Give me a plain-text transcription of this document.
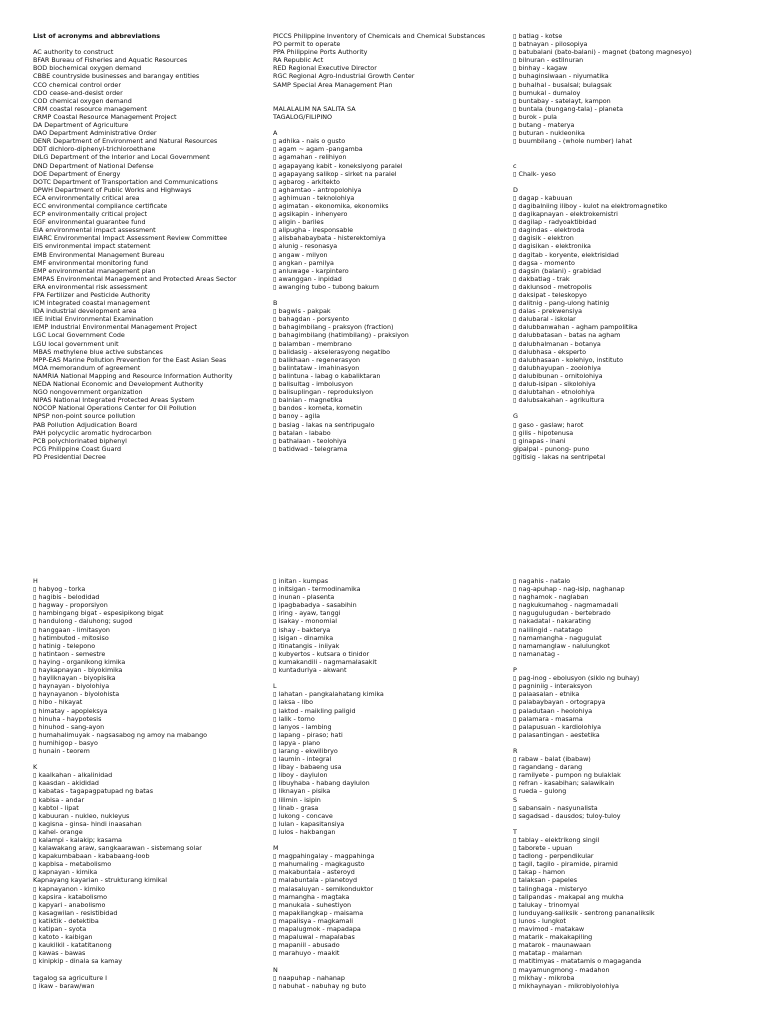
List of acronyms and abbreviations
AC authority to construct
BFAR Bureau of Fisheries and Aquatic Resources
BOD biochemical oxygen demand
CBBE countryside businesses and barangay entities
CCO chemical control order
CDO cease-and-desist order
COD chemical oxygen demand
CRM coastal resource management
CRMP Coastal Resource Management Project
DA Department of Agriculture
DAO Department Administrative Order
DENR Department of Environment and Natural Resources
DDT dichloro-diphenyl-trichloroethane
DILG Department of the Interior and Local Government
DND Department of National Defense
DOE Department of Energy
DOTC Department of Transportation and Communications
DPWH Department of Public Works and Highways
ECA environmentally critical area
ECC environmental compliance certificate
ECP environmentally critical project
EGF environmental guarantee fund
EIA environmental impact assessment
EIARC Environmental Impact Assessment Review Committee
EIS environmental impact statement
EMB Environmental Management Bureau
EMF environmental monitoring fund
EMP environmental management plan
EMPAS Environmental Management and Protected Areas Sector
ERA environmental risk assessment
FPA Fertilizer and Pesticide Authority
ICM integrated coastal management
IDA industrial development area
IEE Initial Environmental Examination
IEMP Industrial Environmental Management Project
LGC Local Government Code
LGU local government unit
MBAS methylene blue active substances
MPP-EAS Marine Pollution Prevention for the East Asian Seas
MOA memorandum of agreement
NAMRIA National Mapping and Resource Information Authority
NEDA National Economic and Development Authority
NGO nongovernment organization
NIPAS National Integrated Protected Areas System
NOCOP National Operations Center for Oil Pollution
NPSP non-point source pollution
PAB Pollution Adjudication Board
PAH polycyclic aromatic hydrocarbon
PCB polychlorinated biphenyl
PCG Philippine Coast Guard
PD Presidential Decree
PICCS Philippine Inventory of Chemicals and Chemical Substances
PO permit to operate
PPA Philippine Ports Authority
RA Republic Act
RED Regional Executive Director
RGC Regional Agro-Industrial Growth Center
SAMP Special Area Management Plan
MALALALIM NA SALITA SA
TAGALOG/FILIPINO
A
▯ adhika - nais o gusto
▯ agam ~ agam -pangamba
▯ agamahan - relihiyon
▯ agapayang kabit - koneksiyong paralel
▯ agapayang salikop - sirket na paralel
▯ agbarog - arkitekto
▯ aghamtao - antropolohiya
▯ aghimuan - teknolohiya
▯ agimatan - ekonomika, ekonomiks
▯ agsikapin - inhenyero
▯ aligin - bariles
▯ alipugha - iresponsable
▯ alisbahabaybata - histerektomiya
▯ alunig - resonasya
▯ angaw - milyon
▯ angkan - pamilya
▯ anluwage - karpintero
▯ awanggan - inpidad
▯ awanging tubo - tubong bakum
B
▯ bagwis - pakpak
▯ bahagdan - porsyento
▯ bahagimbilang - praksyon (fraction)
▯ bahagimbilang (hatimbilang) - praksiyon
▯ balamban - membrano
▯ balidasig - akselerasyong negatibo
▯ balikhaan - regenerasyon
▯ balintataw - imahinasyon
▯ balintuna - labag o kabaliktaran
▯ balisultag - imbolusyon
▯ balisuplingan - reproduksiyon
▯ balnian - magnetika
▯ bandos - kometa, kometin
▯ banoy - agila
▯ basiag - lakas na sentripugalo
▯ batalan - lababo
▯ bathalaan - teolohiya
▯ batidwad - telegrama
▯ batlag - kotse
▯ batnayan - pilosopiya
▯ batubalani (bato-balani) - magnet (batong magnesyo)
▯ bilnuran - estilnuran
▯ binhay - kagaw
▯ buhaginsiwaan - niyumatika
▯ buhalhal - busalsal; bulagsak
▯ bumukal - dumaloy
▯ buntabay - satelayt, kampon
▯ buntala (bungang-tala) - planeta
▯ burok - pula
▯ butang - materya
▯ buturan - nukleonika
▯ buumbilang - (whole number) lahat
c
▯ Chalk- yeso
D
▯ dagap - kabuuan
▯ dagibalniing iliboy - kulot na elektromagnetiko
▯ dagikapnayan - elektrokemistri
▯ dagilap - radyoaktibidad
▯ dagindas - elektroda
▯ dagisik - elektron
▯ dagisikan - elektronika
▯ dagitab - koryente, elektrisidad
▯ dagsa - momento
▯ dagsin (balani) - grabidad
▯ dakbatlag - trak
▯ daklunsod - metropolis
▯ daksipat - teleskopyo
▯ dalitnig - pang-ulong hatinig
▯ dalas - prekwensiya
▯ dalubaral - iskolar
▯ dalubbanwahan - agham pampolitika
▯ dalubbatasan - batas na agham
▯ dalubhalmanan - botanya
▯ dalubhasa - eksperto
▯ dalubhasaan - kolehiyo, instituto
▯ dalubhayupan - zoolohiya
▯ dalubibunan - ornitolohiya
▯ dalub-isipan - sikolohiya
▯ dalubtahan - etnolohiya
▯ dalubsakahan - agrikultura
G
▯ gaso - gaslaw; harot
▯ gilis - hipotenusa
▯ ginapas - inani
gipalpal - punong- puno
▯gitisig - lakas na sentripetal
H
▯ habyog - torka
▯ hagibis - belodidad
▯ hagway - proporsiyon
▯ hambingang bigat - espesipikong bigat
▯ handulong - daluhong; sugod
▯ hanggaan - limitasyon
▯ hatimbutod - mitosiso
▯ hatinig - telepono
▯ hatintaon - semestre
▯ haying - organikong kimika
▯ haykapnayan - biyokimika
▯ hayliknayan - biyopisika
▯ haynayan - biyolohiya
▯ haynayanon - biyolohista
▯ hibo - hikayat
▯ himatay - apopleksya
▯ hinuha - haypotesis
▯ hinuhod - sang-ayon
▯ humahalimuyak - nagsasabog ng amoy na mabango
▯ humihigop - basyo
▯ hunain - teorem
K
▯ kaalkahan - alkalinidad
▯ kaasdan - akididad
▯ kabatas - tagapagpatupad ng batas
▯ kabisa - andar
▯ kabtol - lipat
▯ kabuuran - nukleo, nukleyus
▯ kagisna - ginsa- hindi inaasahan
▯ kahel- orange
▯ kalampi - kalakip; kasama
▯ kalawakang araw, sangkaarawan - sistemang solar
▯ kapakumbabaan - kababaang-loob
▯ kapbisa - metabolismo
▯ kapnayan - kimika
Kapnayang kayarian - strukturang kimikal
▯ kapnayanon - kimiko
▯ kapsira - katabolismo
▯ kapyari - anabolismo
▯ kasagwilan - resistibidad
▯ katiktik - detektiba
▯ katipan - syota
▯ katoto - kaibigan
▯ kaukilkil - katatitanong
▯ kawas - bawas
▯ kinipkip - dinala sa kamay
tagalog sa agriculture I
▯ ikaw - baraw/wan
▯ initan - kumpas
▯ initsigan - termodinamika
▯ inunan - plasenta
▯ ipagbabadya - sasabihin
▯ iring - ayaw, tanggi
▯ isakay - monomial
▯ ishay - bakterya
▯ isigan - dinamika
▯ itinatangis - iniiyak
▯ kubyertos - kutsara o tinidor
▯ kumakandili - nagmamalasakit
▯ kuntaduriya - akwant
L
▯ lahatan - pangkalahatang kimika
▯ laksa - libo
▯ laktod - maikling paligid
▯ lalik - torno
▯ lanyos - lambing
▯ lapang - piraso; hati
▯ lapya - plano
▯ larang - ekwilibryo
▯ laumin - integral
▯ libay - babaeng usa
▯ liboy - daylulon
▯ libuyhaba - habang daylulon
▯ liknayan - pisika
▯ lilimin - isipin
▯ linab - grasa
▯ lukong - concave
▯ lulan - kapasitansiya
▯ lulos - hakbangan
M
▯ magpahingalay - magpahinga
▯ mahumaling - magkagusto
▯ makabuntala - asteroyd
▯ malabuntala - planetoyd
▯ malasaluyan - semikonduktor
▯ mamangha - magtaka
▯ manukala - suhestiyon
▯ mapakilangkap - maisama
▯ mapalisya - magkamali
▯ mapalugmok - mapadapa
▯ mapaluwal - mapalabas
▯ mapaniil - abusado
▯ marahuyo - maakit
N
▯ naapuhap - nahanap
▯ nabuhat - nabuhay ng buto
▯ nagahis - natalo
▯ nag-apuhap - nag-isip, naghanap
▯ naghamok - naglaban
▯ nagkukumahog - nagmamadali
▯ nagugulugudan - bertebrado
▯ nakadatal - nakarating
▯ nalilingid - natatago
▯ namamangha - nagugulat
▯ namamanglaw - nalulungkot
▯ namanatag -
P
▯ pag-inog - ebolusyon (siklo ng buhay)
▯ pagniniig - interaksyon
▯ palaasalan - etnika
▯ palabaybayan - ortograpya
▯ paladutaan - heolohiya
▯ palamara - masama
▯ palapusuan - kardiolohiya
▯ palasantingan - aestetika
R
▯ rabaw - balat (ibabaw)
▯ ragandang - darang
▯ ramilyete - pumpon ng bulaklak
▯ refran - kasabihan; salawikain
▯ rueda – gulong
S
▯ sabansain - nasyunalista
▯ sagadsad - dausdos; tuloy-tuloy
T
▯ tablay - elektrikong singil
▯ taborete - upuan
▯ tadlong - perpendikular
▯ tagil, tagilo - piramide, piramid
▯ takap - hamon
▯ talaksan - papeles
▯ talinghaga - misteryo
▯ talipandas - makapal ang mukha
▯ talukay - trinomyal
▯ lunduyang-saliksik - sentrong pananaliksik
▯ lunos - lungkot
▯ mavimod - matakaw
▯ matarik - makakapiling
▯ matarok - maunawaan
▯ matatap - malaman
▯ matitimyas - matatamis o magaganda
▯ mayamungmong - madahon
▯ mikhay - mikroba
▯ mikhaynayan - mikrobiyolohiya
